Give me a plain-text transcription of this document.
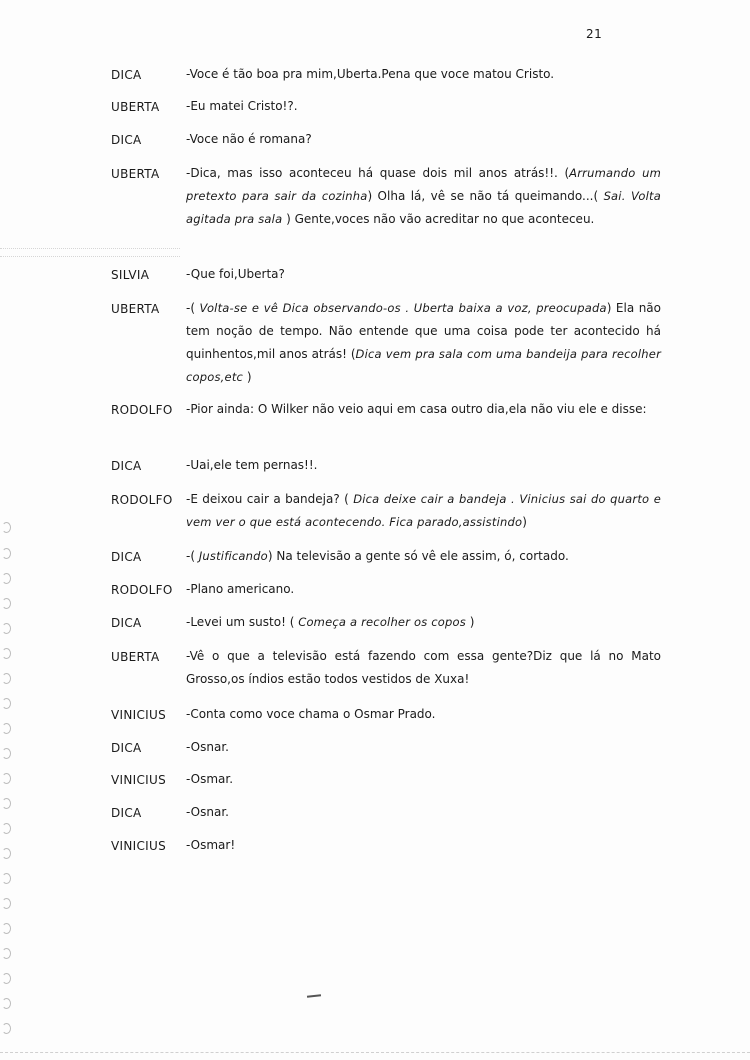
21
DICA	-Voce é tão boa pra mim,Uberta.Pena que voce matou Cristo.
UBERTA -Eu matei Cristo!?.
DICA	-Voce não é romana?
UBERTA -Dica, mas isso aconteceu há quase dois mil anos atrás!!. (Arrumando um pretexto para sair da cozinha) Olha lá, vê se não tá queimando...( Sai. Volta agitada pra sala ) Gente,voces não vão acreditar no que aconteceu.
SILVIA	-Que foi,Uberta?
UBERTA -( Volta-se e vê Dica observando-os . Uberta baixa a voz, preocupada) Ela não tem noção de tempo. Não entende que uma coisa pode ter acontecido há quinhentos,mil anos atrás! (Dica vem pra sala com uma bandeija para recolher copos,etc )
RODOLFO -Pior ainda: O Wilker não veio aqui em casa outro dia,ela não viu ele e disse:
DICA	-Uai,ele tem pernas!!.
RODOLFO -E deixou cair a bandeja? ( Dica deixe cair a bandeja . Vinicius sai do quarto e vem ver o que está acontecendo. Fica parado,assistindo)
DICA	-( Justificando) Na televisão a gente só vê ele assim, ó, cortado.
RODOLFO -Plano americano.
DICA	-Levei um susto! ( Começa a recolher os copos )
UBERTA -Vê o que a televisão está fazendo com essa gente?Diz que lá no Mato Grosso,os índios estão todos vestidos de Xuxa!
VINICIUS -Conta como voce chama o Osmar Prado.
DICA	-Osnar.
VINICIUS -Osmar.
DICA	-Osnar.
VINICIUS -Osmar!
